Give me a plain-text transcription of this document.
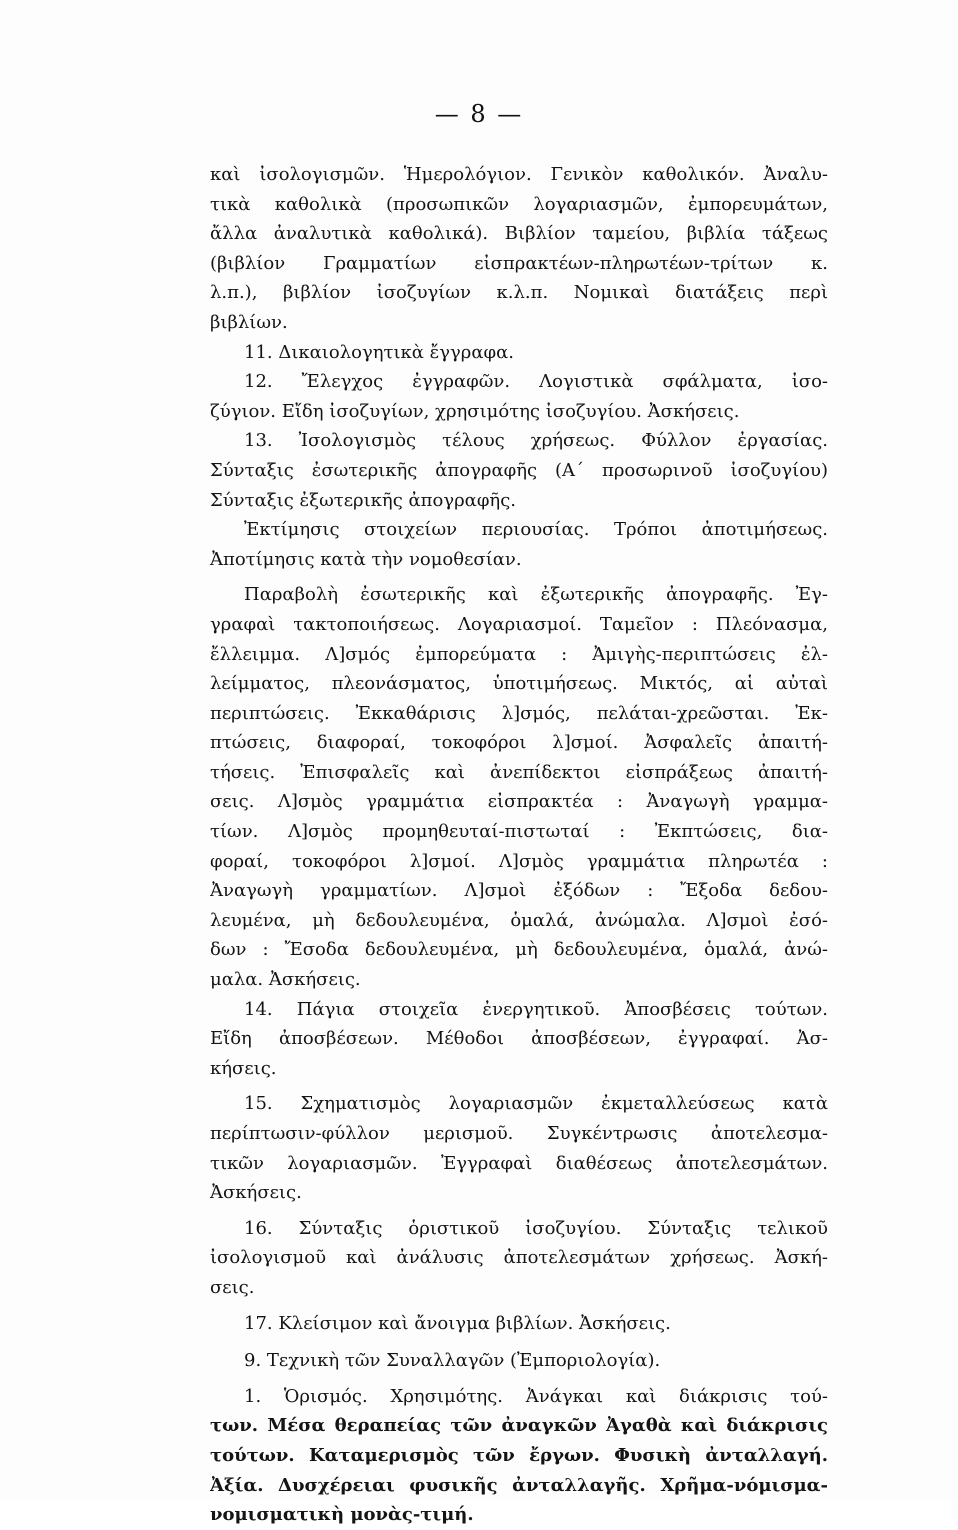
— 8 —
καὶ ἰσολογισμῶν. Ἡμερολόγιον. Γενικὸν καθολικόν. Ἀναλυ-
τικὰ καθολικὰ (προσωπικῶν λογαριασμῶν, ἐμπορευμάτων,
ἄλλα ἀναλυτικὰ καθολικά). Βιβλίον ταμείου, βιβλία τάξεως
(βιβλίον Γραμματίων εἰσπρακτέων-πληρωτέων-τρίτων κ.
λ.π.), βιβλίον ἰσοζυγίων κ.λ.π. Νομικαὶ διατάξεις περὶ
βιβλίων.
11. Δικαιολογητικὰ ἔγγραφα.
12. Ἔλεγχος ἐγγραφῶν. Λογιστικὰ σφάλματα, ἰσο-
ζύγιον. Εἴδη ἰσοζυγίων, χρησιμότης ἰσοζυγίου. Ἀσκήσεις.
13. Ἰσολογισμὸς τέλους χρήσεως. Φύλλον ἐργασίας.
Σύνταξις ἐσωτερικῆς ἀπογραφῆς (Α΄ προσωρινοῦ ἰσοζυγίου)
Σύνταξις ἐξωτερικῆς ἀπογραφῆς.
Ἐκτίμησις στοιχείων περιουσίας. Τρόποι ἀποτιμήσεως.
Ἀποτίμησις κατὰ τὴν νομοθεσίαν.
Παραβολὴ ἐσωτερικῆς καὶ ἐξωτερικῆς ἀπογραφῆς. Ἐγ-
γραφαὶ τακτοποιήσεως. Λογαριασμοί. Ταμεῖον : Πλεόνασμα,
ἔλλειμμα. Λ]σμός ἐμπορεύματα : Ἀμιγὴς-περιπτώσεις ἐλ-
λείμματος, πλεονάσματος, ὑποτιμήσεως. Μικτός, αἱ αὐταὶ
περιπτώσεις. Ἐκκαθάρισις λ]σμός, πελάται-χρεῶσται. Ἐκ-
πτώσεις, διαφοραί, τοκοφόροι λ]σμοί. Ἀσφαλεῖς ἀπαιτή-
τήσεις. Ἐπισφαλεῖς καὶ ἀνεπίδεκτοι εἰσπράξεως ἀπαιτή-
σεις. Λ]σμὸς γραμμάτια εἰσπρακτέα : Ἀναγωγὴ γραμμα-
τίων. Λ]σμὸς προμηθευταί-πιστωταί : Ἐκπτώσεις, δια-
φοραί, τοκοφόροι λ]σμοί. Λ]σμὸς γραμμάτια πληρωτέα :
Ἀναγωγὴ γραμματίων. Λ]σμοὶ ἐξόδων : Ἔξοδα δεδου-
λευμένα, μὴ δεδουλευμένα, ὁμαλά, ἀνώμαλα. Λ]σμοὶ ἐσό-
δων : Ἔσοδα δεδουλευμένα, μὴ δεδουλευμένα, ὁμαλά, ἀνώ-
μαλα. Ἀσκήσεις.
14. Πάγια στοιχεῖα ἐνεργητικοῦ. Ἀποσβέσεις τούτων.
Εἴδη ἀποσβέσεων. Μέθοδοι ἀποσβέσεων, ἐγγραφαί. Ἀσ-
κήσεις.
15. Σχηματισμὸς λογαριασμῶν ἐκμεταλλεύσεως κατὰ
περίπτωσιν-φύλλον μερισμοῦ. Συγκέντρωσις ἀποτελεσμα-
τικῶν λογαριασμῶν. Ἐγγραφαὶ διαθέσεως ἀποτελεσμάτων.
Ἀσκήσεις.
16. Σύνταξις ὁριστικοῦ ἰσοζυγίου. Σύνταξις τελικοῦ
ἰσολογισμοῦ καὶ ἀνάλυσις ἀποτελεσμάτων χρήσεως. Ἀσκή-
σεις.
17. Κλείσιμον καὶ ἄνοιγμα βιβλίων. Ἀσκήσεις.
9. Τεχνικὴ τῶν Συναλλαγῶν (Ἐμποριολογία).
1. Ὁρισμός. Χρησιμότης. Ἀνάγκαι καὶ διάκρισις τού-
των. Μέσα θεραπείας τῶν ἀναγκῶν Ἀγαθὰ καὶ διάκρισις
τούτων. Καταμερισμὸς τῶν ἔργων. Φυσικὴ ἀνταλλαγή.
Ἀξία. Δυσχέρειαι φυσικῆς ἀνταλλαγῆς. Χρῆμα-νόμισμα-
νομισματικὴ μονὰς-τιμή.
